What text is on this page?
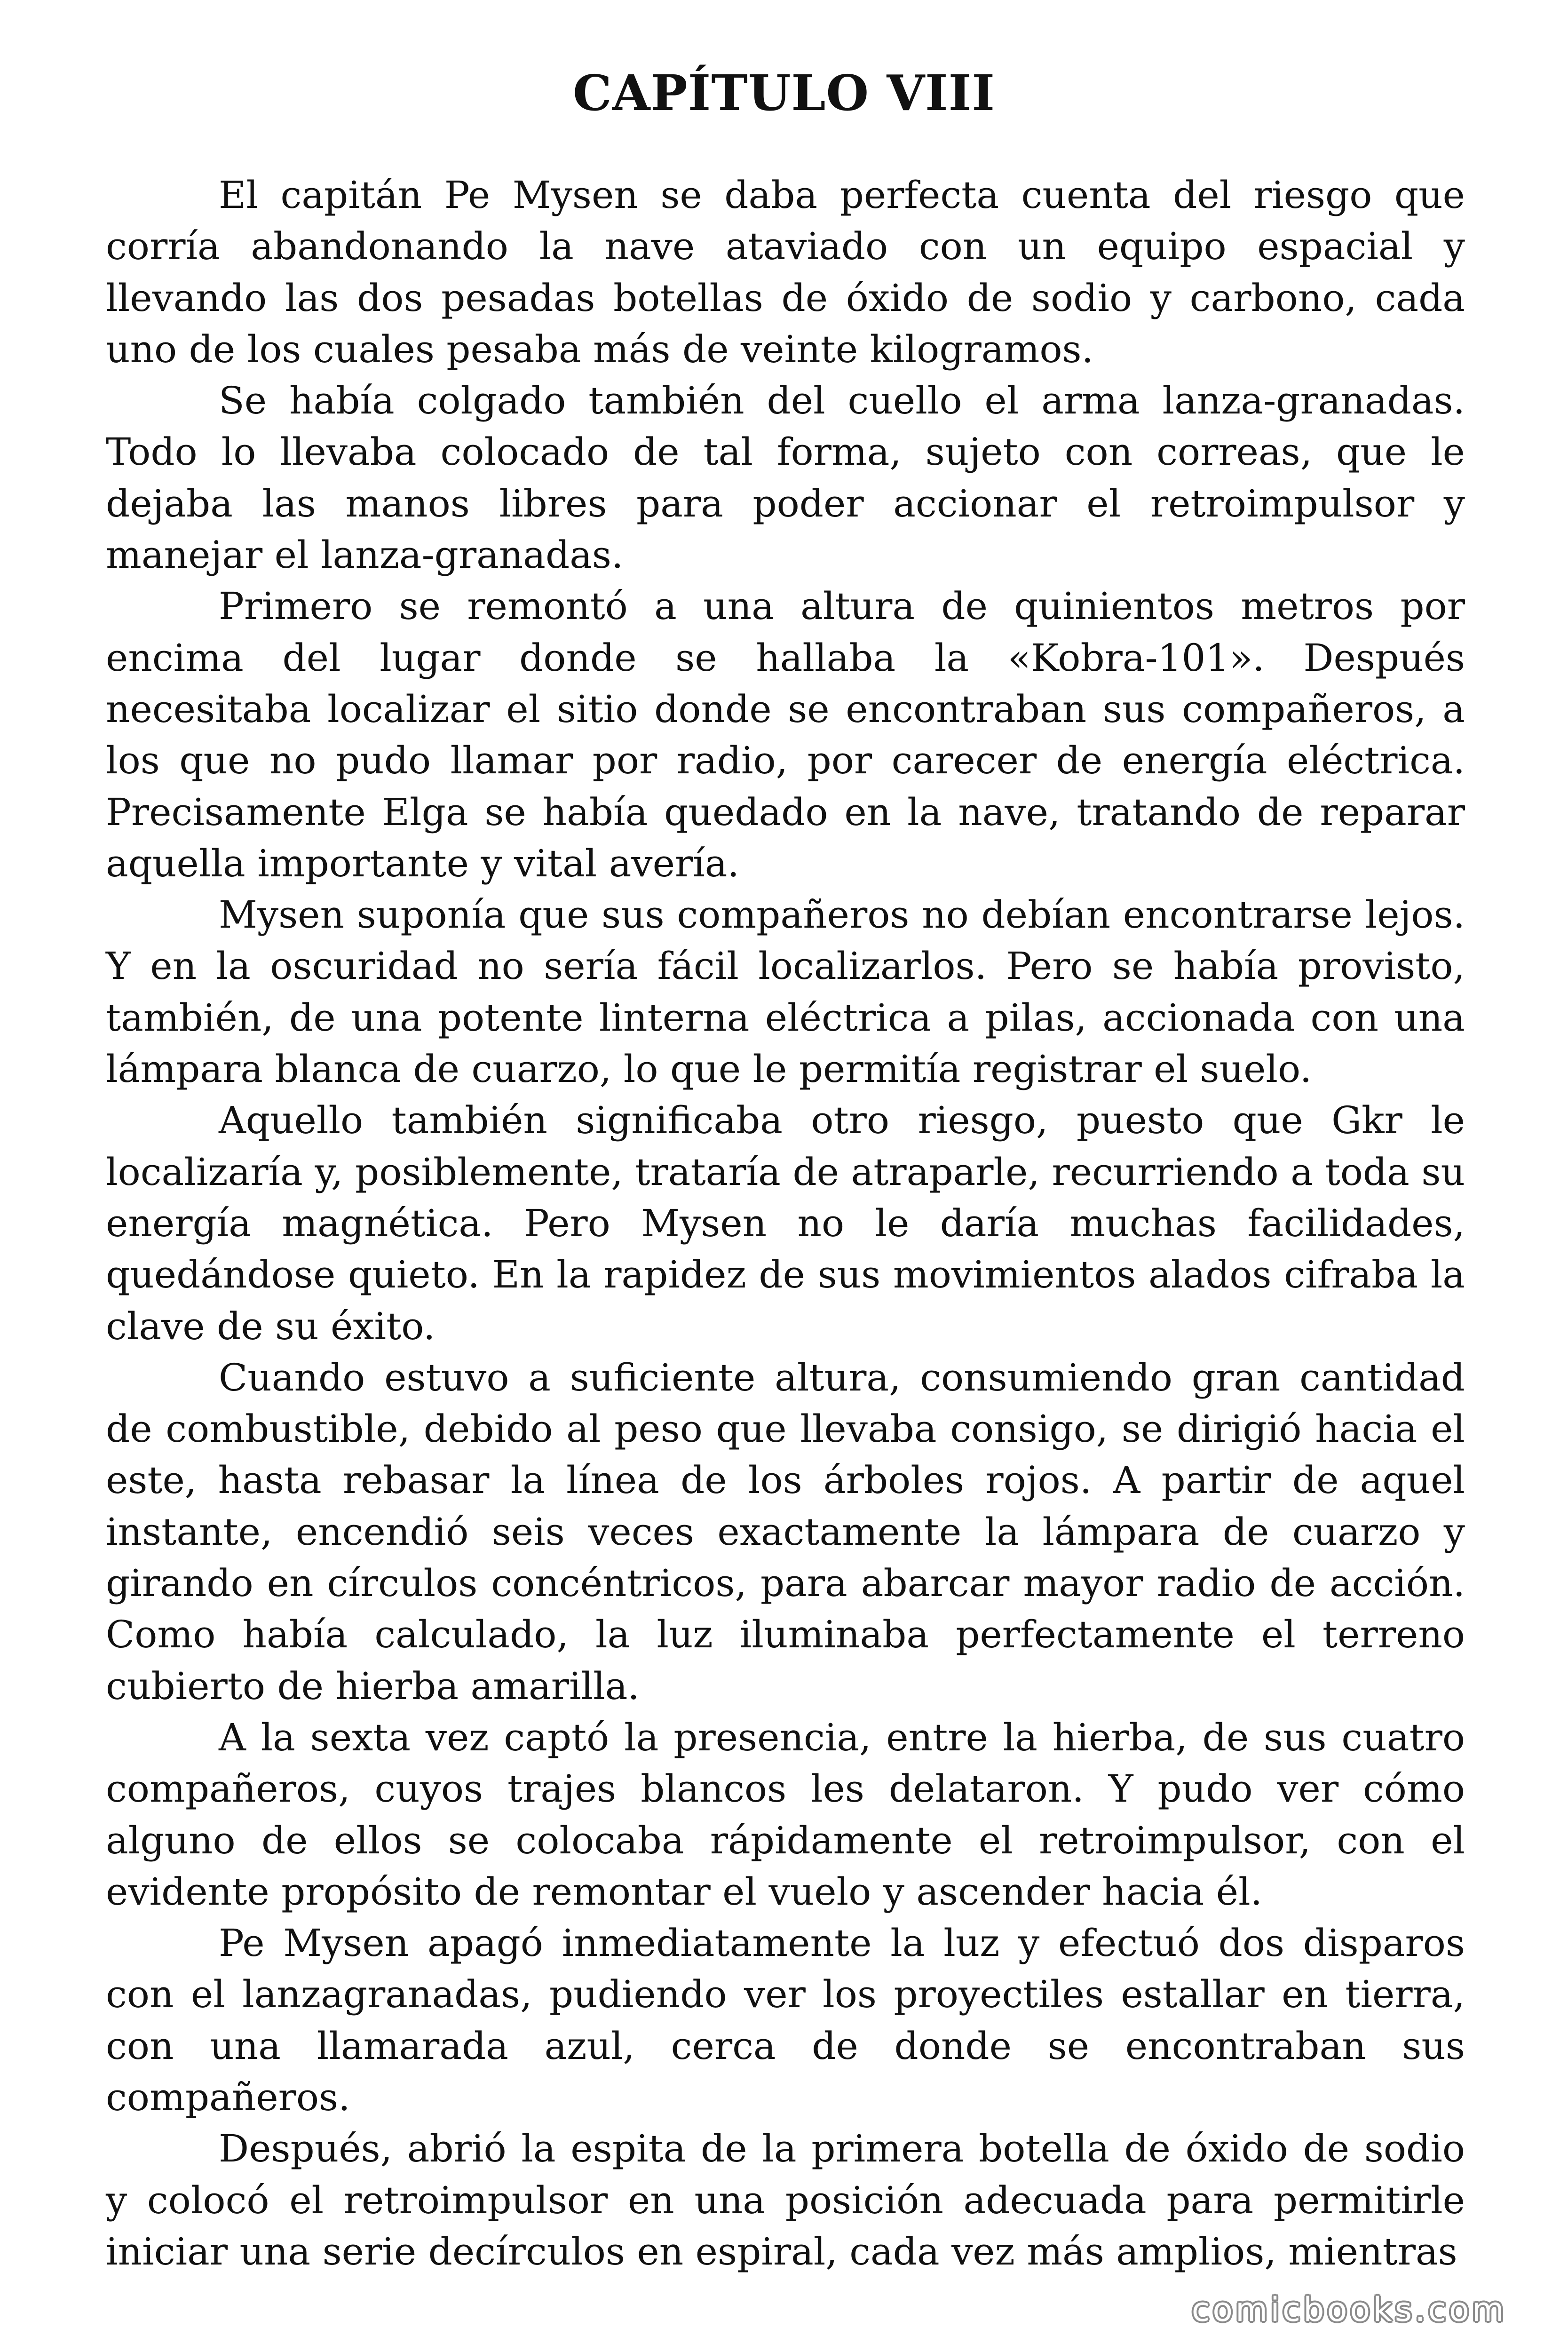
CAPÍTULO VIII

El capitán Pe Mysen se daba perfecta cuenta del riesgo que corría abandonando la nave ataviado con un equipo espacial y llevando las dos pesadas botellas de óxido de sodio y carbono, cada uno de los cuales pesaba más de veinte kilogramos.

Se había colgado también del cuello el arma lanza-granadas. Todo lo llevaba colocado de tal forma, sujeto con correas, que le dejaba las manos libres para poder accionar el retroimpulsor y manejar el lanza-granadas.

Primero se remontó a una altura de quinientos metros por encima del lugar donde se hallaba la «Kobra-101». Después necesitaba localizar el sitio donde se encontraban sus compañeros, a los que no pudo llamar por radio, por carecer de energía eléctrica. Precisamente Elga se había quedado en la nave, tratando de reparar aquella importante y vital avería.

Mysen suponía que sus compañeros no debían encontrarse lejos. Y en la oscuridad no sería fácil localizarlos. Pero se había provisto, también, de una potente linterna eléctrica a pilas, accionada con una lámpara blanca de cuarzo, lo que le permitía registrar el suelo.

Aquello también significaba otro riesgo, puesto que Gkr le localizaría y, posiblemente, trataría de atraparle, recurriendo a toda su energía magnética. Pero Mysen no le daría muchas facilidades, quedándose quieto. En la rapidez de sus movimientos alados cifraba la clave de su éxito.

Cuando estuvo a suficiente altura, consumiendo gran cantidad de combustible, debido al peso que llevaba consigo, se dirigió hacia el este, hasta rebasar la línea de los árboles rojos. A partir de aquel instante, encendió seis veces exactamente la lámpara de cuarzo y girando en círculos concéntricos, para abarcar mayor radio de acción. Como había calculado, la luz iluminaba perfectamente el terreno cubierto de hierba amarilla.

A la sexta vez captó la presencia, entre la hierba, de sus cuatro compañeros, cuyos trajes blancos les delataron. Y pudo ver cómo alguno de ellos se colocaba rápidamente el retroimpulsor, con el evidente propósito de remontar el vuelo y ascender hacia él.

Pe Mysen apagó inmediatamente la luz y efectuó dos disparos con el lanzagranadas, pudiendo ver los proyectiles estallar en tierra, con una llamarada azul, cerca de donde se encontraban sus compañeros.

Después, abrió la espita de la primera botella de óxido de sodio y colocó el retroimpulsor en una posición adecuada para permitirle iniciar una serie decírculos en espiral, cada vez más amplios, mientras

comicbooks.com
